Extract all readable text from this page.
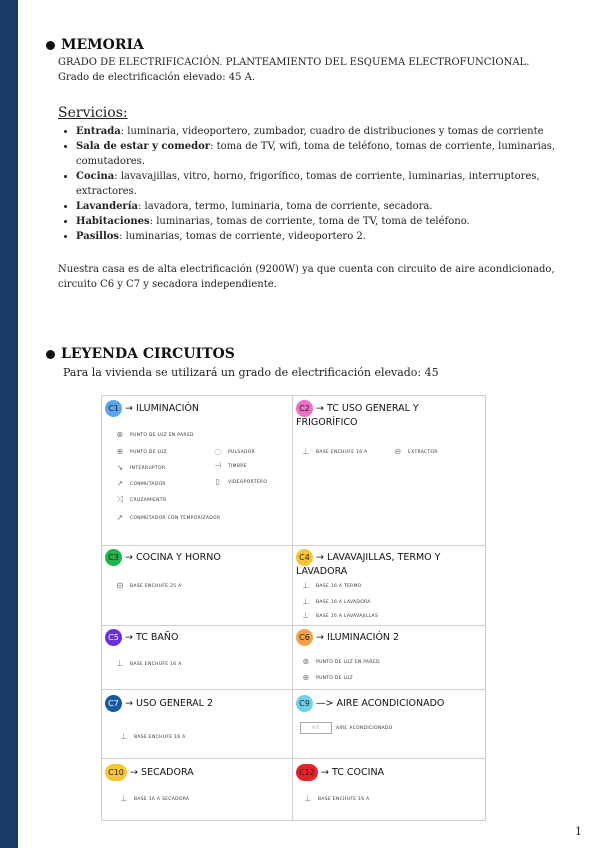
MEMORIA
GRADO DE ELECTRIFICACIÓN. PLANTEAMIENTO DEL ESQUEMA ELECTROFUNCIONAL.
Grado de electrificación elevado: 45 A.
Servicios:
• Entrada: luminaria, videoportero, zumbador, cuadro de distribuciones y tomas de corriente
• Sala de estar y comedor: toma de TV, wifi, toma de teléfono, tomas de corriente, luminarias, comutadores.
• Cocina: lavavajillas, vitro, horno, frigorífico, tomas de corriente, luminarias, interruptores, extractores.
• Lavandería: lavadora, termo, luminaria, toma de corriente, secadora.
• Habitaciones: luminarias, tomas de corriente, toma de TV, toma de teléfono.
• Pasillos: luminarias, tomas de corriente, videoportero 2.
Nuestra casa es de alta electrificación (9200W) ya que cuenta con circuito de aire acondicionado, circuito C6 y C7 y secadora independiente.
LEYENDA CIRCUITOS
Para la vivienda se utilizará un grado de electrificación elevado: 45
C1 → ILUMINACIÓN
⊗	PUNTO DE LUZ EN PARED
⊕	PUNTO DE LUZ
↘	INTERRUPTOR
↗	CONMUTADOR
⤨	CRUZAMIENTO
↗	CONMUTADOR CON TEMPORIZADOR
◌	PULSADOR
⊣	TIMBRE
▯	VIDEOPORTERO
C2 → TC USO GENERAL Y FRIGORÍFICO
⊥	BASE ENCHUFE 16 A	⊖	EXTRACTOR
C3 → COCINA Y HORNO
⊟	BASE ENCHUFE 25 A
C4 → LAVAVAJILLAS, TERMO Y LAVADORA
⊥	BASE 16 A TERMO
⊥	BASE 16 A LAVADORA
⊥	BASE 16 A LAVAVAJILLAS
C5 → TC BAÑO
⊥	BASE ENCHUFE 16 A
C6 → ILUMINACIÓN 2
⊗	PUNTO DE LUZ EN PARED
⊕	PUNTO DE LUZ
C7 → USO GENERAL 2
⊥	BASE ENCHUFE 16 A
C9 —> AIRE ACONDICIONADO
A/C	AIRE ACONDICIONADO
C10 → SECADORA
⊥	BASE 16 A SECADORA
C12 → TC COCINA
⊥	BASE ENCHUFE 16 A
1
